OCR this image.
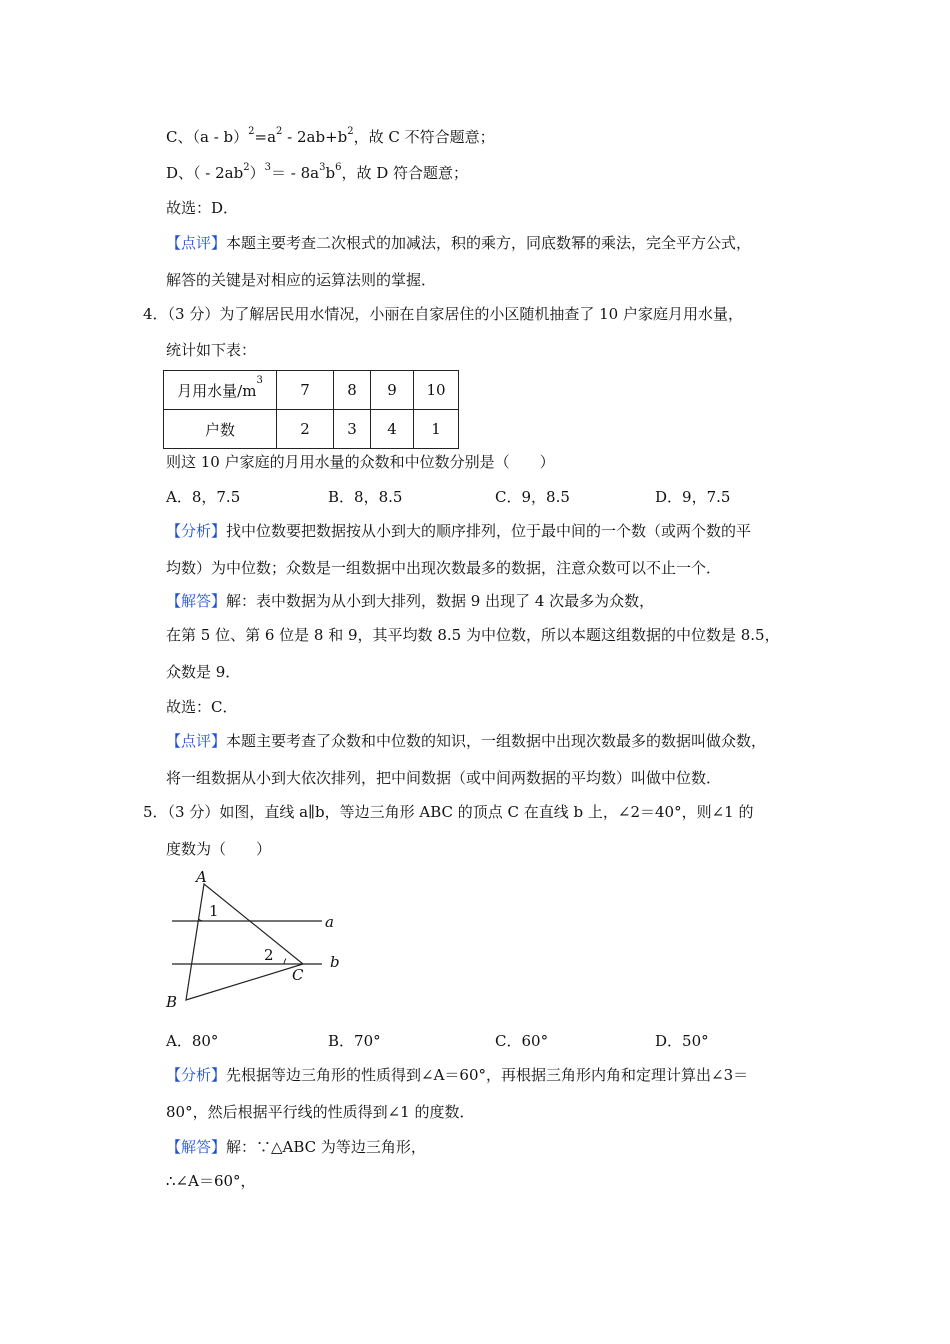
C、$(a - b)^2=a^2 - 2ab+b^2$，故 C 不符合题意；
D、（ - $2ab^2)^3= - 8a^3b^6$，故 D 符合题意；
故选：D．
【点评】本题主要考查二次根式的加减法，积的乘方，同底数幂的乘法，完全平方公式，
解答的关键是对相应的运算法则的掌握．
4．（3 分）为了解居民用水情况，小丽在自家居住的小区随机抽查了 10 户家庭月用水量，
统计如下表：
月用水量$/m^3$	7	8	9	10
户数	2	3	4	1
则这 10 户家庭的月用水量的众数和中位数分别是（　　）
A．8，7.5	B．8，8.5	C．9，8.5	D．9，7.5
【分析】找中位数要把数据按从小到大的顺序排列，位于最中间的一个数（或两个数的平
均数）为中位数；众数是一组数据中出现次数最多的数据，注意众数可以不止一个．
【解答】解：表中数据为从小到大排列，数据 9 出现了 4 次最多为众数，
在第 5 位、第 6 位是 8 和 9，其平均数 8.5 为中位数，所以本题这组数据的中位数是 8.5，
众数是 9．
故选：C．
【点评】本题主要考查了众数和中位数的知识，一组数据中出现次数最多的数据叫做众数，
将一组数据从小到大依次排列，把中间数据（或中间两数据的平均数）叫做中位数．
5．（3 分）如图，直线 a∥b，等边三角形 ABC 的顶点 C 在直线 b 上，∠2＝40°，则∠1 的
度数为（　　）
A
B
C
a
b
1
2
A．80°	B．70°	C．60°	D．50°
【分析】先根据等边三角形的性质得到∠A＝60°，再根据三角形内角和定理计算出∠3＝
80°，然后根据平行线的性质得到∠1 的度数．
【解答】解：∵△ABC 为等边三角形，
∴∠A＝60°，
